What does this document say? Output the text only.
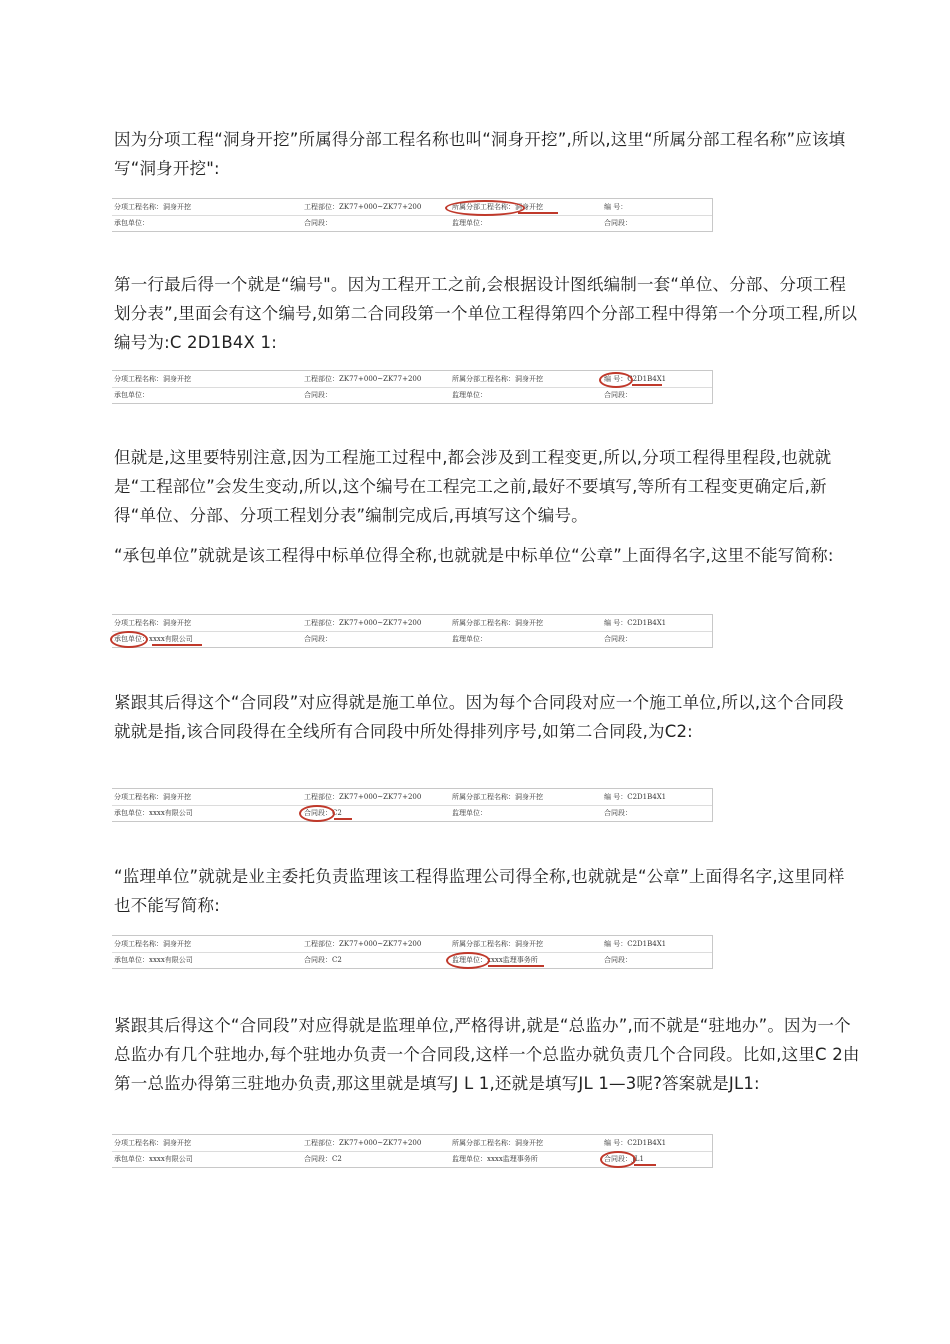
因为分项工程“洞身开挖”所属得分部工程名称也叫“洞身开挖”,所以,这里“所属分部工程名称”应该填写“洞身开挖":

分项工程名称：洞身开挖	工程部位：ZK77+000~ZK77+200	所属分部工程名称：洞身开挖	编 号：
承包单位：	合同段：	监理单位：	合同段：

第一行最后得一个就是“编号"。因为工程开工之前,会根据设计图纸编制一套“单位、分部、分项工程划分表”,里面会有这个编号,如第二合同段第一个单位工程得第四个分部工程中得第一个分项工程,所以编号为:C 2D1B4X 1:

分项工程名称：洞身开挖	工程部位：ZK77+000~ZK77+200	所属分部工程名称：洞身开挖	编 号：C2D1B4X1
承包单位：	合同段：	监理单位：	合同段：

但就是,这里要特别注意,因为工程施工过程中,都会涉及到工程变更,所以,分项工程得里程段,也就就是“工程部位”会发生变动,所以,这个编号在工程完工之前,最好不要填写,等所有工程变更确定后,新得“单位、分部、分项工程划分表”编制完成后,再填写这个编号。

“承包单位”就就是该工程得中标单位得全称,也就就是中标单位“公章”上面得名字,这里不能写简称:

分项工程名称：洞身开挖	工程部位：ZK77+000~ZK77+200	所属分部工程名称：洞身开挖	编 号：C2D1B4X1
承包单位：xxxx有限公司	合同段：	监理单位：	合同段：

紧跟其后得这个“合同段”对应得就是施工单位。因为每个合同段对应一个施工单位,所以,这个合同段就就是指,该合同段得在全线所有合同段中所处得排列序号,如第二合同段,为C2:

分项工程名称：洞身开挖	工程部位：ZK77+000~ZK77+200	所属分部工程名称：洞身开挖	编 号：C2D1B4X1
承包单位：xxxx有限公司	合同段：C2	监理单位：	合同段：

“监理单位”就就是业主委托负责监理该工程得监理公司得全称,也就就是“公章”上面得名字,这里同样也不能写简称:

分项工程名称：洞身开挖	工程部位：ZK77+000~ZK77+200	所属分部工程名称：洞身开挖	编 号：C2D1B4X1
承包单位：xxxx有限公司	合同段：C2	监理单位：xxxx监理事务所	合同段：

紧跟其后得这个“合同段”对应得就是监理单位,严格得讲,就是“总监办”,而不就是“驻地办”。因为一个总监办有几个驻地办,每个驻地办负责一个合同段,这样一个总监办就负责几个合同段。比如,这里C 2由第一总监办得第三驻地办负责,那这里就是填写J L 1,还就是填写JL 1—3呢?答案就是JL1:

分项工程名称：洞身开挖	工程部位：ZK77+000~ZK77+200	所属分部工程名称：洞身开挖	编 号：C2D1B4X1
承包单位：xxxx有限公司	合同段：C2	监理单位：xxxx监理事务所	合同段：JL1
